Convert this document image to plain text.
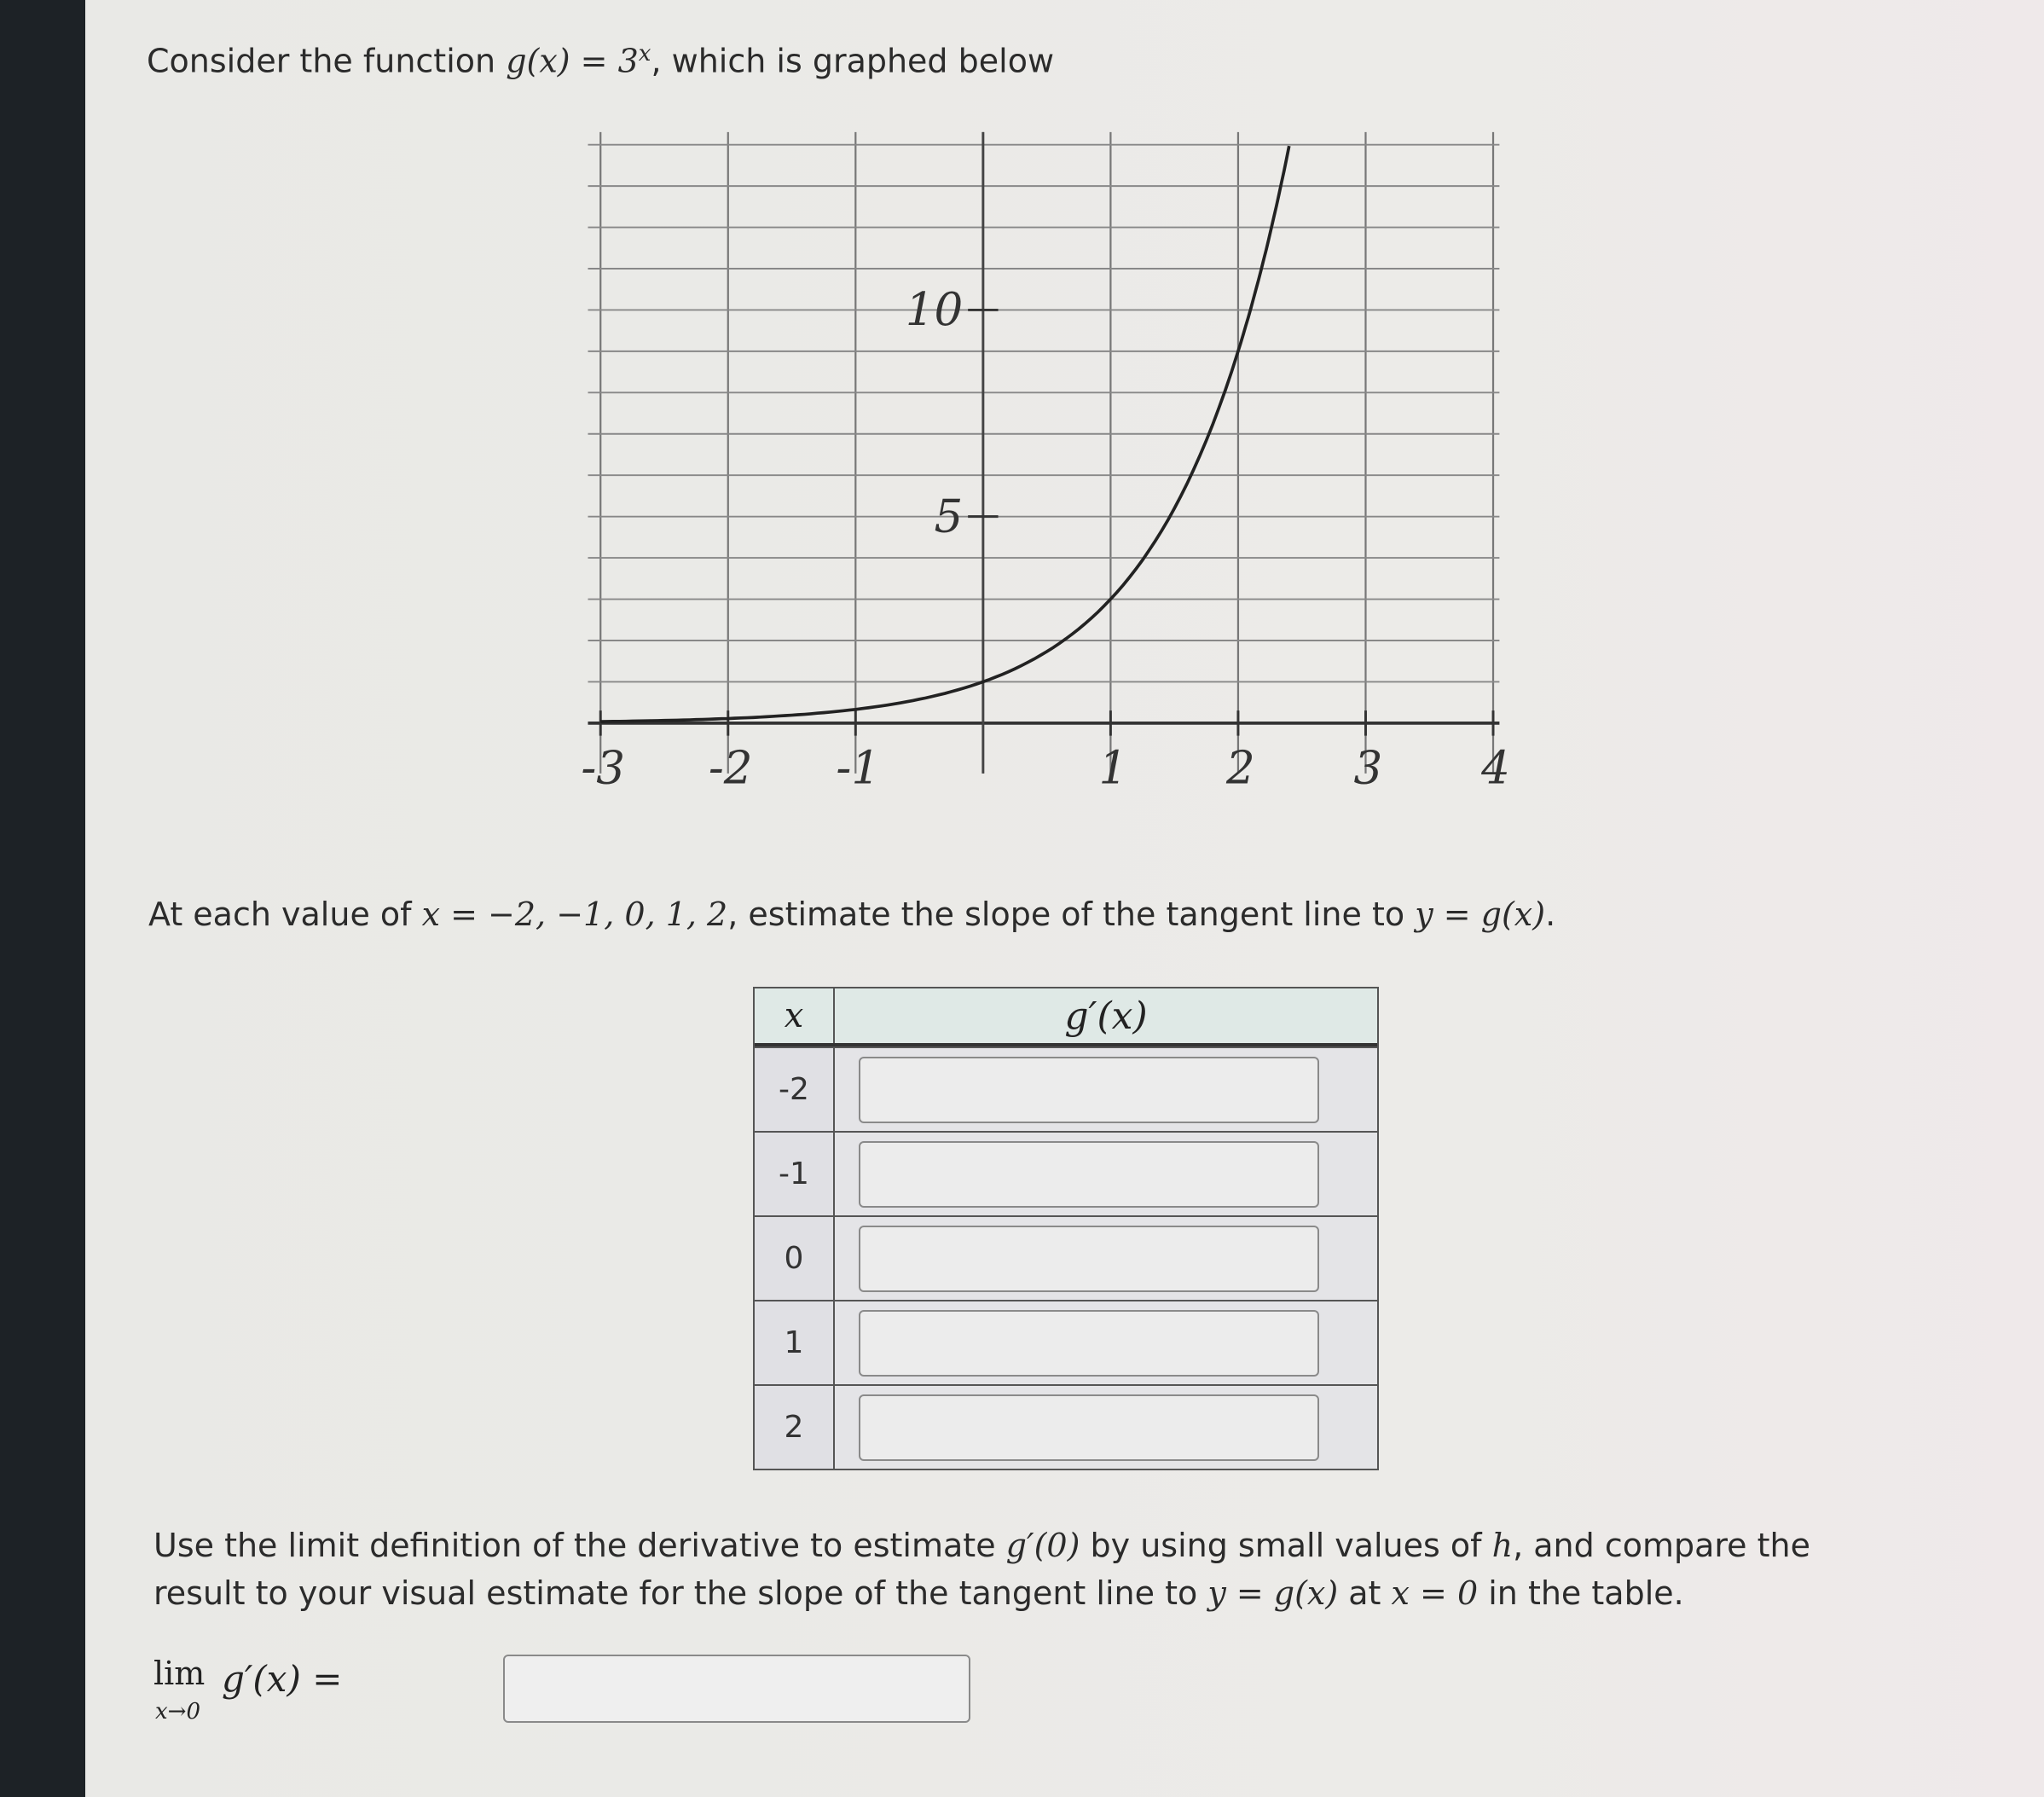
Consider the function $g(x) = 3^x$, which is graphed below
-3	-2	-1	1	2	3	4
5
10
At each value of x = −2, −1, 0, 1, 2, estimate the slope of the tangent line to y = g(x).
x	g′(x)
-2
-1
0
1
2
Use the limit definition of the derivative to estimate g′(0) by using small values of h, and compare the
result to your visual estimate for the slope of the tangent line to y = g(x) at x = 0 in the table.
lim
x→0
g′(x) =
